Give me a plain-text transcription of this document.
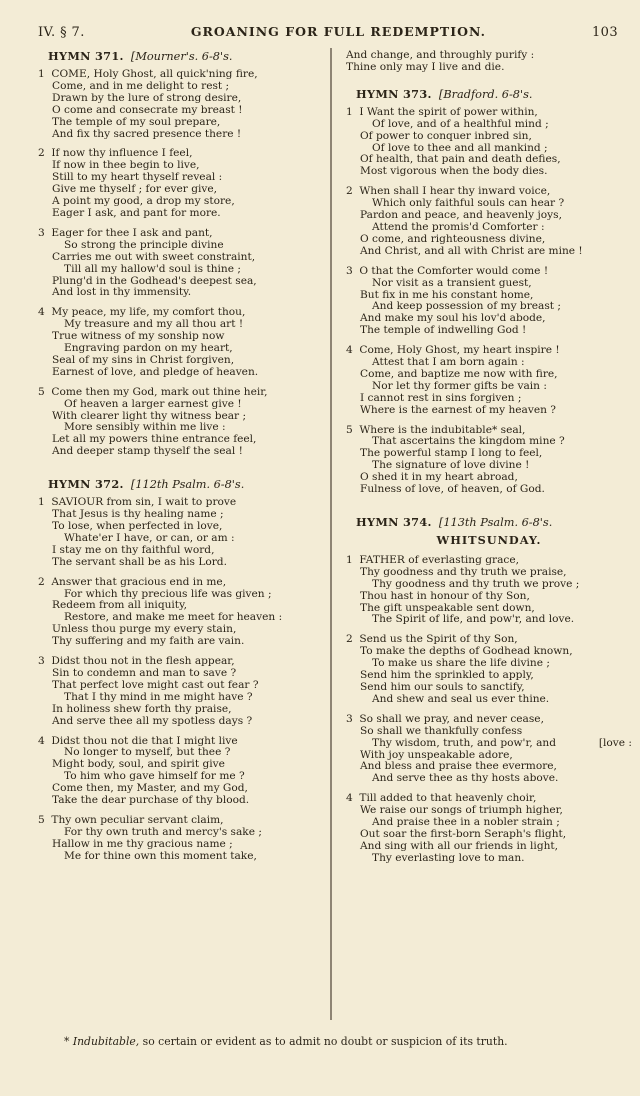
IV. § 7.	GROANING FOR FULL REDEMPTION.	103
HYMN 371. [Mourner's. 6-8's.
1 COME, Holy Ghost, all quick'ning fire,
Come, and in me delight to rest ;
Drawn by the lure of strong desire,
O come and consecrate my breast !
The temple of my soul prepare,
And fix thy sacred presence there !
2 If now thy influence I feel,
If now in thee begin to live,
Still to my heart thyself reveal :
Give me thyself ; for ever give,
A point my good, a drop my store,
Eager I ask, and pant for more.
3 Eager for thee I ask and pant,
So strong the principle divine
Carries me out with sweet constraint,
Till all my hallow'd soul is thine ;
Plung'd in the Godhead's deepest sea,
And lost in thy immensity.
4 My peace, my life, my comfort thou,
My treasure and my all thou art !
True witness of my sonship now
Engraving pardon on my heart,
Seal of my sins in Christ forgiven,
Earnest of love, and pledge of heaven.
5 Come then my God, mark out thine heir,
Of heaven a larger earnest give !
With clearer light thy witness bear ;
More sensibly within me live :
Let all my powers thine entrance feel,
And deeper stamp thyself the seal !
HYMN 372. [112th Psalm. 6-8's.
1 SAVIOUR from sin, I wait to prove
That Jesus is thy healing name ;
To lose, when perfected in love,
Whate'er I have, or can, or am :
I stay me on thy faithful word,
The servant shall be as his Lord.
2 Answer that gracious end in me,
For which thy precious life was given ;
Redeem from all iniquity,
Restore, and make me meet for heaven :
Unless thou purge my every stain,
Thy suffering and my faith are vain.
3 Didst thou not in the flesh appear,
Sin to condemn and man to save ?
That perfect love might cast out fear ?
That I thy mind in me might have ?
In holiness shew forth thy praise,
And serve thee all my spotless days ?
4 Didst thou not die that I might live
No longer to myself, but thee ?
Might body, soul, and spirit give
To him who gave himself for me ?
Come then, my Master, and my God,
Take the dear purchase of thy blood.
5 Thy own peculiar servant claim,
For thy own truth and mercy's sake ;
Hallow in me thy gracious name ;
Me for thine own this moment take,
And change, and throughly purify :
Thine only may I live and die.
HYMN 373. [Bradford. 6-8's.
1 I Want the spirit of power within,
Of love, and of a healthful mind ;
Of power to conquer inbred sin,
Of love to thee and all mankind ;
Of health, that pain and death defies,
Most vigorous when the body dies.
2 When shall I hear thy inward voice,
Which only faithful souls can hear ?
Pardon and peace, and heavenly joys,
Attend the promis'd Comforter :
O come, and righteousness divine,
And Christ, and all with Christ are mine !
3 O that the Comforter would come !
Nor visit as a transient guest,
But fix in me his constant home,
And keep possession of my breast ;
And make my soul his lov'd abode,
The temple of indwelling God !
4 Come, Holy Ghost, my heart inspire !
Attest that I am born again :
Come, and baptize me now with fire,
Nor let thy former gifts be vain :
I cannot rest in sins forgiven ;
Where is the earnest of my heaven ?
5 Where is the indubitable* seal,
That ascertains the kingdom mine ?
The powerful stamp I long to feel,
The signature of love divine !
O shed it in my heart abroad,
Fulness of love, of heaven, of God.
HYMN 374. [113th Psalm. 6-8's.
WHITSUNDAY.
1 FATHER of everlasting grace,
Thy goodness and thy truth we praise,
Thy goodness and thy truth we prove ;
Thou hast in honour of thy Son,
The gift unspeakable sent down,
The Spirit of life, and pow'r, and love.
2 Send us the Spirit of thy Son,
To make the depths of Godhead known,
To make us share the life divine ;
Send him the sprinkled to apply,
Send him our souls to sanctify,
And shew and seal us ever thine.
3 So shall we pray, and never cease,
So shall we thankfully confess
Thy wisdom, truth, and pow'r, and	[love :
With joy unspeakable adore,
And bless and praise thee evermore,
And serve thee as thy hosts above.
4 Till added to that heavenly choir,
We raise our songs of triumph higher,
And praise thee in a nobler strain ;
Out soar the first-born Seraph's flight,
And sing with all our friends in light,
Thy everlasting love to man.
* Indubitable, so certain or evident as to admit no doubt or suspicion of its truth.
